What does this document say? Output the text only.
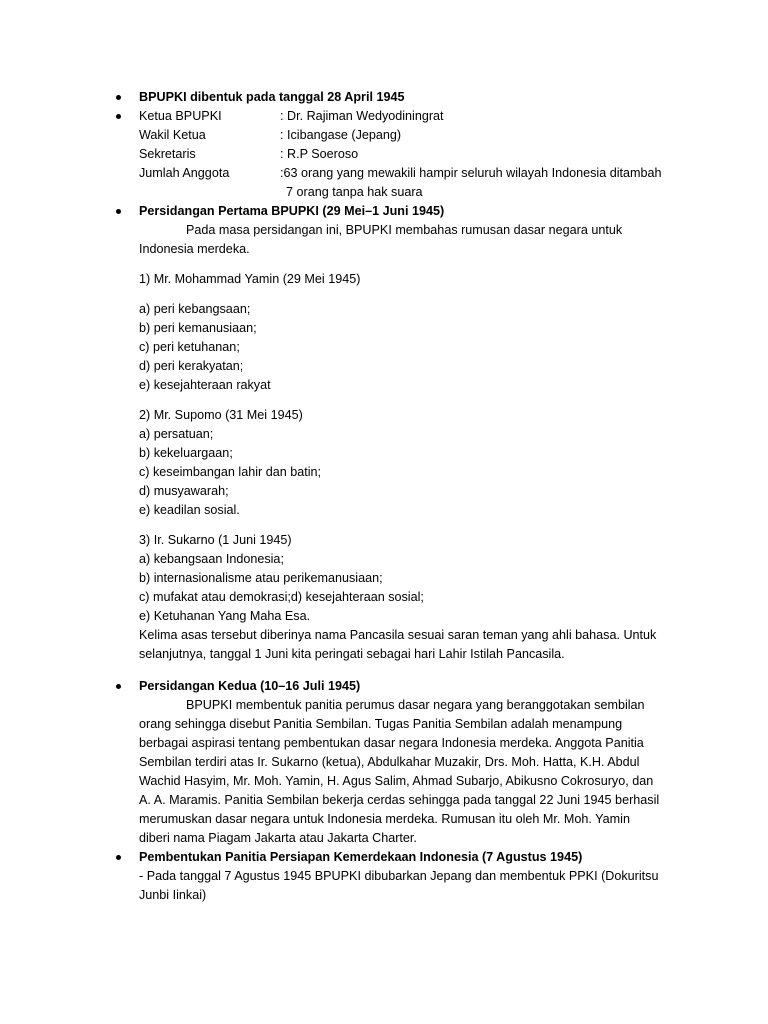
BPUPKI dibentuk pada tanggal 28 April 1945
Ketua BPUPKI	: Dr. Rajiman Wedyodiningrat
Wakil Ketua	: Icibangase (Jepang)
Sekretaris	: R.P Soeroso
Jumlah Anggota	:63 orang yang mewakili hampir seluruh wilayah Indonesia ditambah
7 orang tanpa hak suara
Persidangan Pertama BPUPKI (29 Mei–1 Juni 1945)
Pada masa persidangan ini, BPUPKI membahas rumusan dasar negara untuk
Indonesia merdeka.
1) Mr. Mohammad Yamin (29 Mei 1945)
a) peri kebangsaan;
b) peri kemanusiaan;
c) peri ketuhanan;
d) peri kerakyatan;
e) kesejahteraan rakyat
2) Mr. Supomo (31 Mei 1945)
a) persatuan;
b) kekeluargaan;
c) keseimbangan lahir dan batin;
d) musyawarah;
e) keadilan sosial.
3) Ir. Sukarno (1 Juni 1945)
a) kebangsaan Indonesia;
b) internasionalisme atau perikemanusiaan;
c) mufakat atau demokrasi;d) kesejahteraan sosial;
e) Ketuhanan Yang Maha Esa.
Kelima asas tersebut diberinya nama Pancasila sesuai saran teman yang ahli bahasa. Untuk
selanjutnya, tanggal 1 Juni kita peringati sebagai hari Lahir Istilah Pancasila.
Persidangan Kedua (10–16 Juli 1945)
BPUPKI membentuk panitia perumus dasar negara yang beranggotakan sembilan
orang sehingga disebut Panitia Sembilan. Tugas Panitia Sembilan adalah menampung
berbagai aspirasi tentang pembentukan dasar negara Indonesia merdeka. Anggota Panitia
Sembilan terdiri atas Ir. Sukarno (ketua), Abdulkahar Muzakir, Drs. Moh. Hatta, K.H. Abdul
Wachid Hasyim, Mr. Moh. Yamin, H. Agus Salim, Ahmad Subarjo, Abikusno Cokrosuryo, dan
A. A. Maramis. Panitia Sembilan bekerja cerdas sehingga pada tanggal 22 Juni 1945 berhasil
merumuskan dasar negara untuk Indonesia merdeka. Rumusan itu oleh Mr. Moh. Yamin
diberi nama Piagam Jakarta atau Jakarta Charter.
Pembentukan Panitia Persiapan Kemerdekaan Indonesia (7 Agustus 1945)
- Pada tanggal 7 Agustus 1945 BPUPKI dibubarkan Jepang dan membentuk PPKI (Dokuritsu
Junbi Iinkai)
